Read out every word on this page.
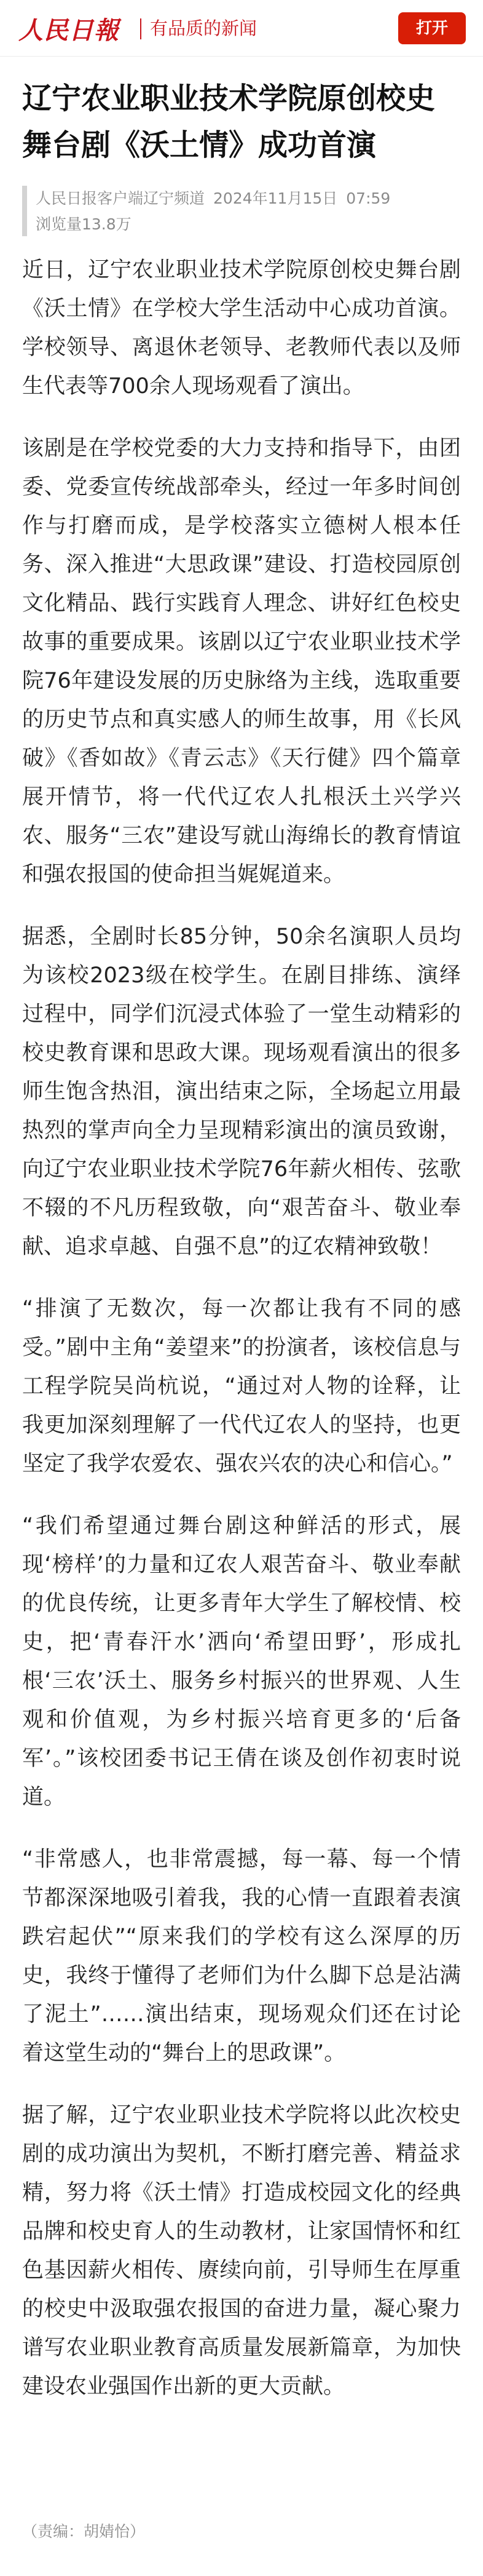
人民日報 有品质的新闻	打开
辽宁农业职业技术学院原创校史舞台剧《沃土情》成功首演
人民日报客户端辽宁频道 2024年11月15日 07:59
浏览量13.8万

近日，辽宁农业职业技术学院原创校史舞台剧《沃土情》在学校大学生活动中心成功首演。学校领导、离退休老领导、老教师代表以及师生代表等700余人现场观看了演出。

该剧是在学校党委的大力支持和指导下，由团委、党委宣传统战部牵头，经过一年多时间创作与打磨而成，是学校落实立德树人根本任务、深入推进“大思政课”建设、打造校园原创文化精品、践行实践育人理念、讲好红色校史故事的重要成果。该剧以辽宁农业职业技术学院76年建设发展的历史脉络为主线，选取重要的历史节点和真实感人的师生故事，用《长风破》《香如故》《青云志》《天行健》四个篇章展开情节，将一代代辽农人扎根沃土兴学兴农、服务“三农”建设写就山海绵长的教育情谊和强农报国的使命担当娓娓道来。

据悉，全剧时长85分钟，50余名演职人员均为该校2023级在校学生。在剧目排练、演绎过程中，同学们沉浸式体验了一堂生动精彩的校史教育课和思政大课。现场观看演出的很多师生饱含热泪，演出结束之际，全场起立用最热烈的掌声向全力呈现精彩演出的演员致谢，向辽宁农业职业技术学院76年薪火相传、弦歌不辍的不凡历程致敬，向“艰苦奋斗、敬业奉献、追求卓越、自强不息”的辽农精神致敬！

“排演了无数次，每一次都让我有不同的感受。”剧中主角“姜望来”的扮演者，该校信息与工程学院吴尚杭说，“通过对人物的诠释，让我更加深刻理解了一代代辽农人的坚持，也更坚定了我学农爱农、强农兴农的决心和信心。”

“我们希望通过舞台剧这种鲜活的形式，展现‘榜样’的力量和辽农人艰苦奋斗、敬业奉献的优良传统，让更多青年大学生了解校情、校史，把‘青春汗水’洒向‘希望田野’，形成扎根‘三农’沃土、服务乡村振兴的世界观、人生观和价值观，为乡村振兴培育更多的‘后备军’。”该校团委书记王倩在谈及创作初衷时说道。

“非常感人，也非常震撼，每一幕、每一个情节都深深地吸引着我，我的心情一直跟着表演跌宕起伏”“原来我们的学校有这么深厚的历史，我终于懂得了老师们为什么脚下总是沾满了泥土”……演出结束，现场观众们还在讨论着这堂生动的“舞台上的思政课”。

据了解，辽宁农业职业技术学院将以此次校史剧的成功演出为契机，不断打磨完善、精益求精，努力将《沃土情》打造成校园文化的经典品牌和校史育人的生动教材，让家国情怀和红色基因薪火相传、赓续向前，引导师生在厚重的校史中汲取强农报国的奋进力量，凝心聚力谱写农业职业教育高质量发展新篇章，为加快建设农业强国作出新的更大贡献。

（责编：胡婧怡）
